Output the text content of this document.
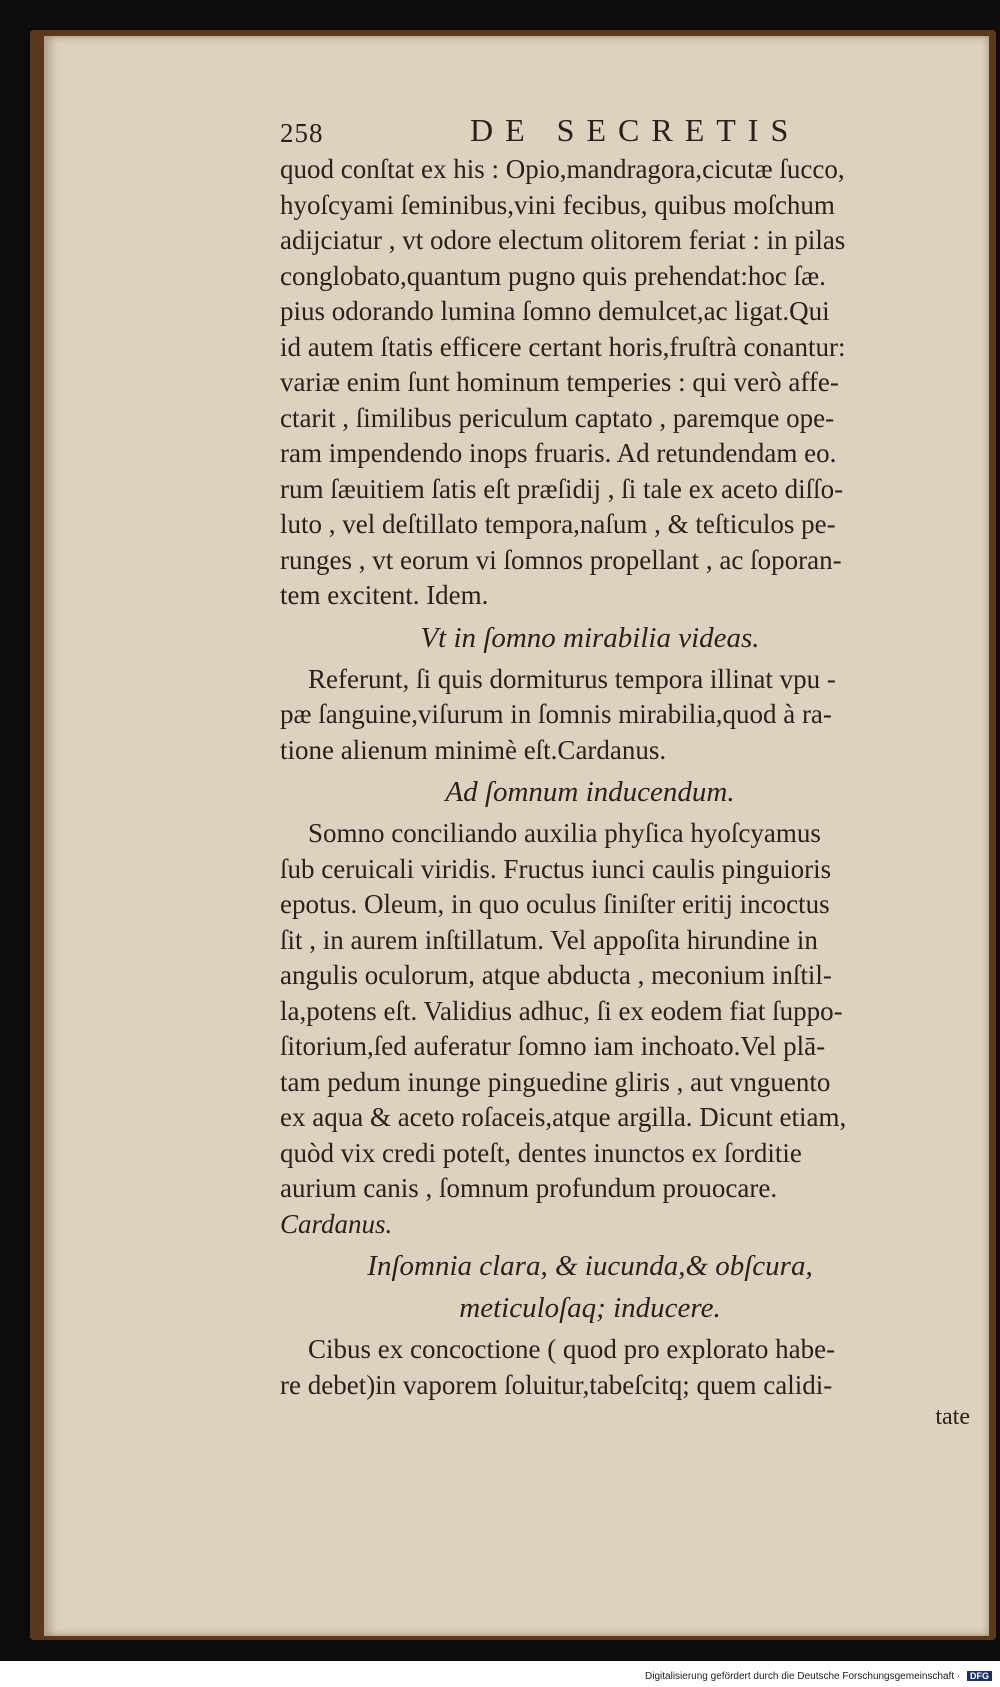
258	DE SECRETIS

quod conſtat ex his : Opio,mandragora,cicutæ ſucco,
hyoſcyami ſeminibus,vini fecibus, quibus moſchum
adijciatur , vt odore electum olitorem feriat : in pilas
conglobato,quantum pugno quis prehendat:hoc ſæ.
pius odorando lumina ſomno demulcet,ac ligat.Qui
id autem ſtatis efficere certant horis,fruſtrà conantur:
variæ enim ſunt hominum temperies : qui verò affe-
ctarit , ſimilibus periculum captato , paremque ope-
ram impendendo inops fruaris. Ad retundendam eo.
rum ſæuitiem ſatis eſt præſidij , ſi tale ex aceto diſſo-
luto , vel deſtillato tempora,naſum , & teſticulos pe-
runges , vt eorum vi ſomnos propellant , ac ſoporan-
tem excitent. Idem.

Vt in ſomno mirabilia videas.

Referunt, ſi quis dormiturus tempora illinat vpu -
pæ ſanguine,viſurum in ſomnis mirabilia,quod à ra-
tione alienum minimè eſt.Cardanus.

Ad ſomnum inducendum.

Somno conciliando auxilia phyſica hyoſcyamus
ſub ceruicali viridis. Fructus iunci caulis pinguioris
epotus. Oleum, in quo oculus ſiniſter eritij incoctus
ſit , in aurem inſtillatum. Vel appoſita hirundine in
angulis oculorum, atque abducta , meconium inſtil-
la,potens eſt. Validius adhuc, ſi ex eodem fiat ſuppo-
ſitorium,ſed auferatur ſomno iam inchoato.Vel plā-
tam pedum inunge pinguedine gliris , aut vnguento
ex aqua & aceto roſaceis,atque argilla. Dicunt etiam,
quòd vix credi poteſt, dentes inunctos ex ſorditie
aurium canis , ſomnum profundum prouocare.
Cardanus.

Inſomnia clara, & iucunda,& obſcura,
meticuloſaq; inducere.

Cibus ex concoctione ( quod pro explorato habe-
re debet)in vaporem ſoluitur,tabeſcitq; quem calidi-

tate
Digitalisierung gefördert durch die Deutsche Forschungsgemeinschaft · DFG
